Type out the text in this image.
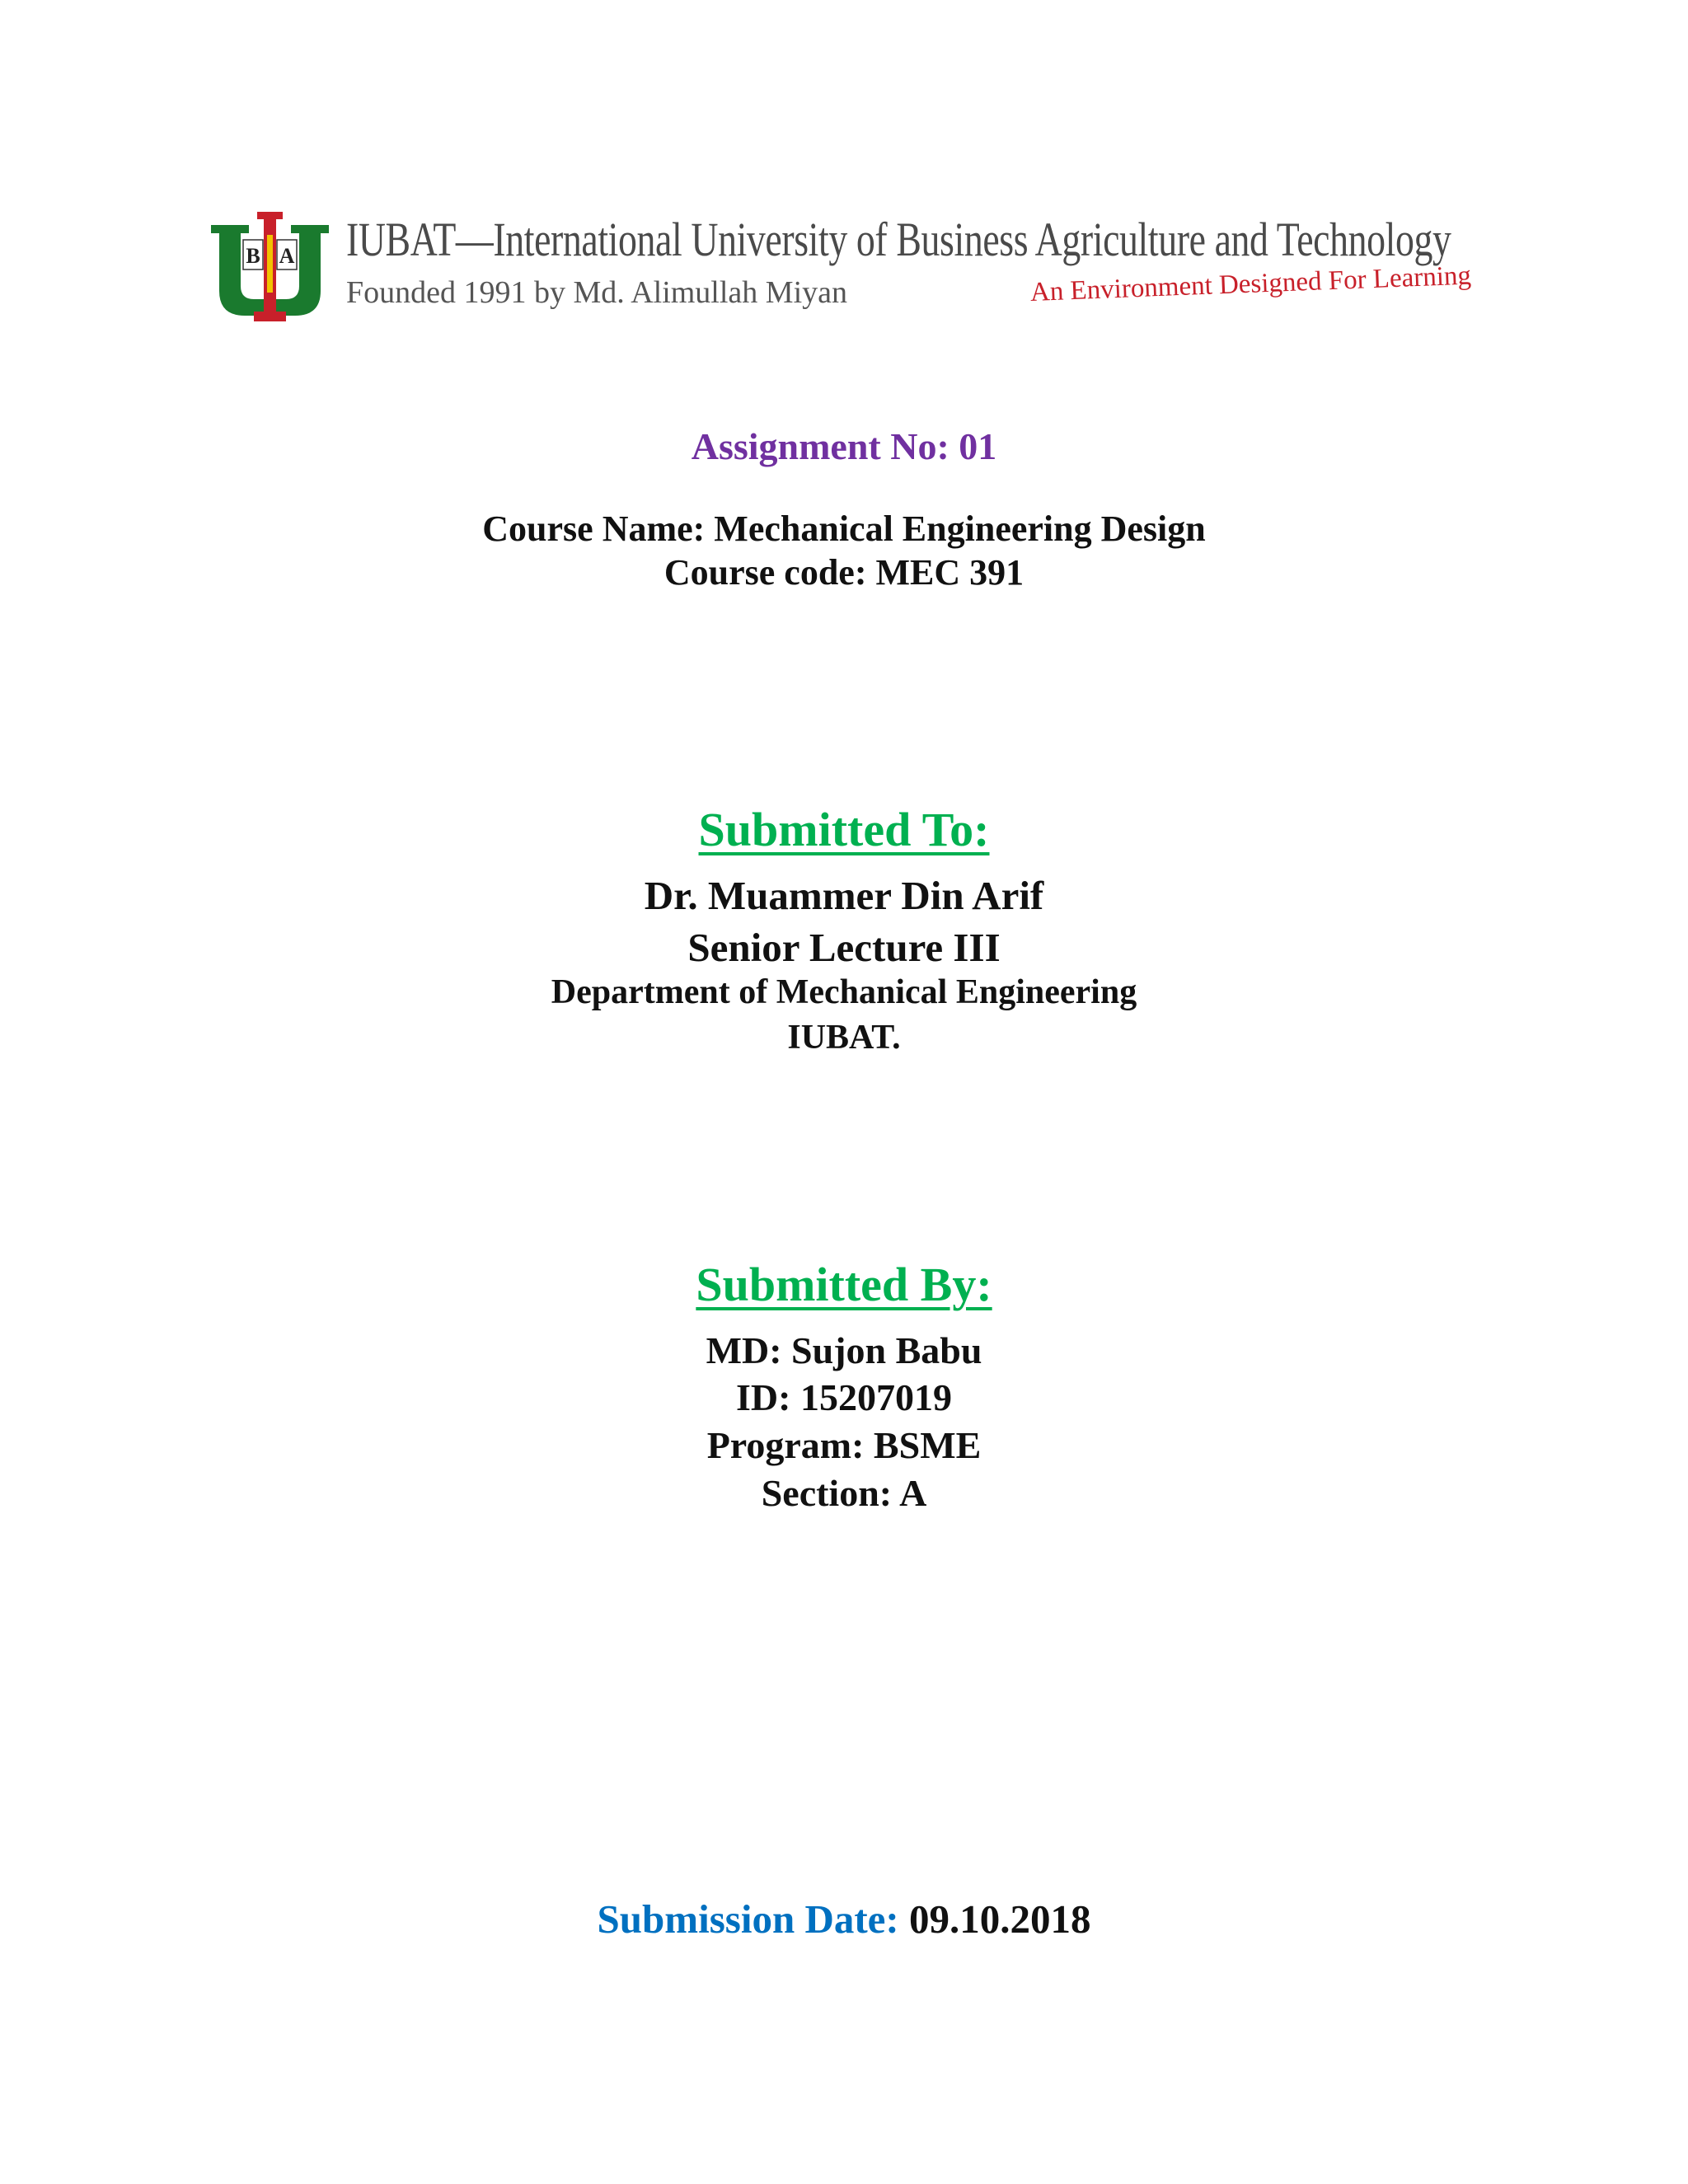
B A IUBAT—International University of Business Agriculture and Technology
Founded 1991 by Md. Alimullah Miyan	An Environment Designed For Learning
Assignment No: 01
Course Name: Mechanical Engineering Design
Course code: MEC 391
Submitted To:
Dr. Muammer Din Arif
Senior Lecture III
Department of Mechanical Engineering
IUBAT.
Submitted By:
MD: Sujon Babu
ID: 15207019
Program: BSME
Section: A
Submission Date: 09.10.2018
